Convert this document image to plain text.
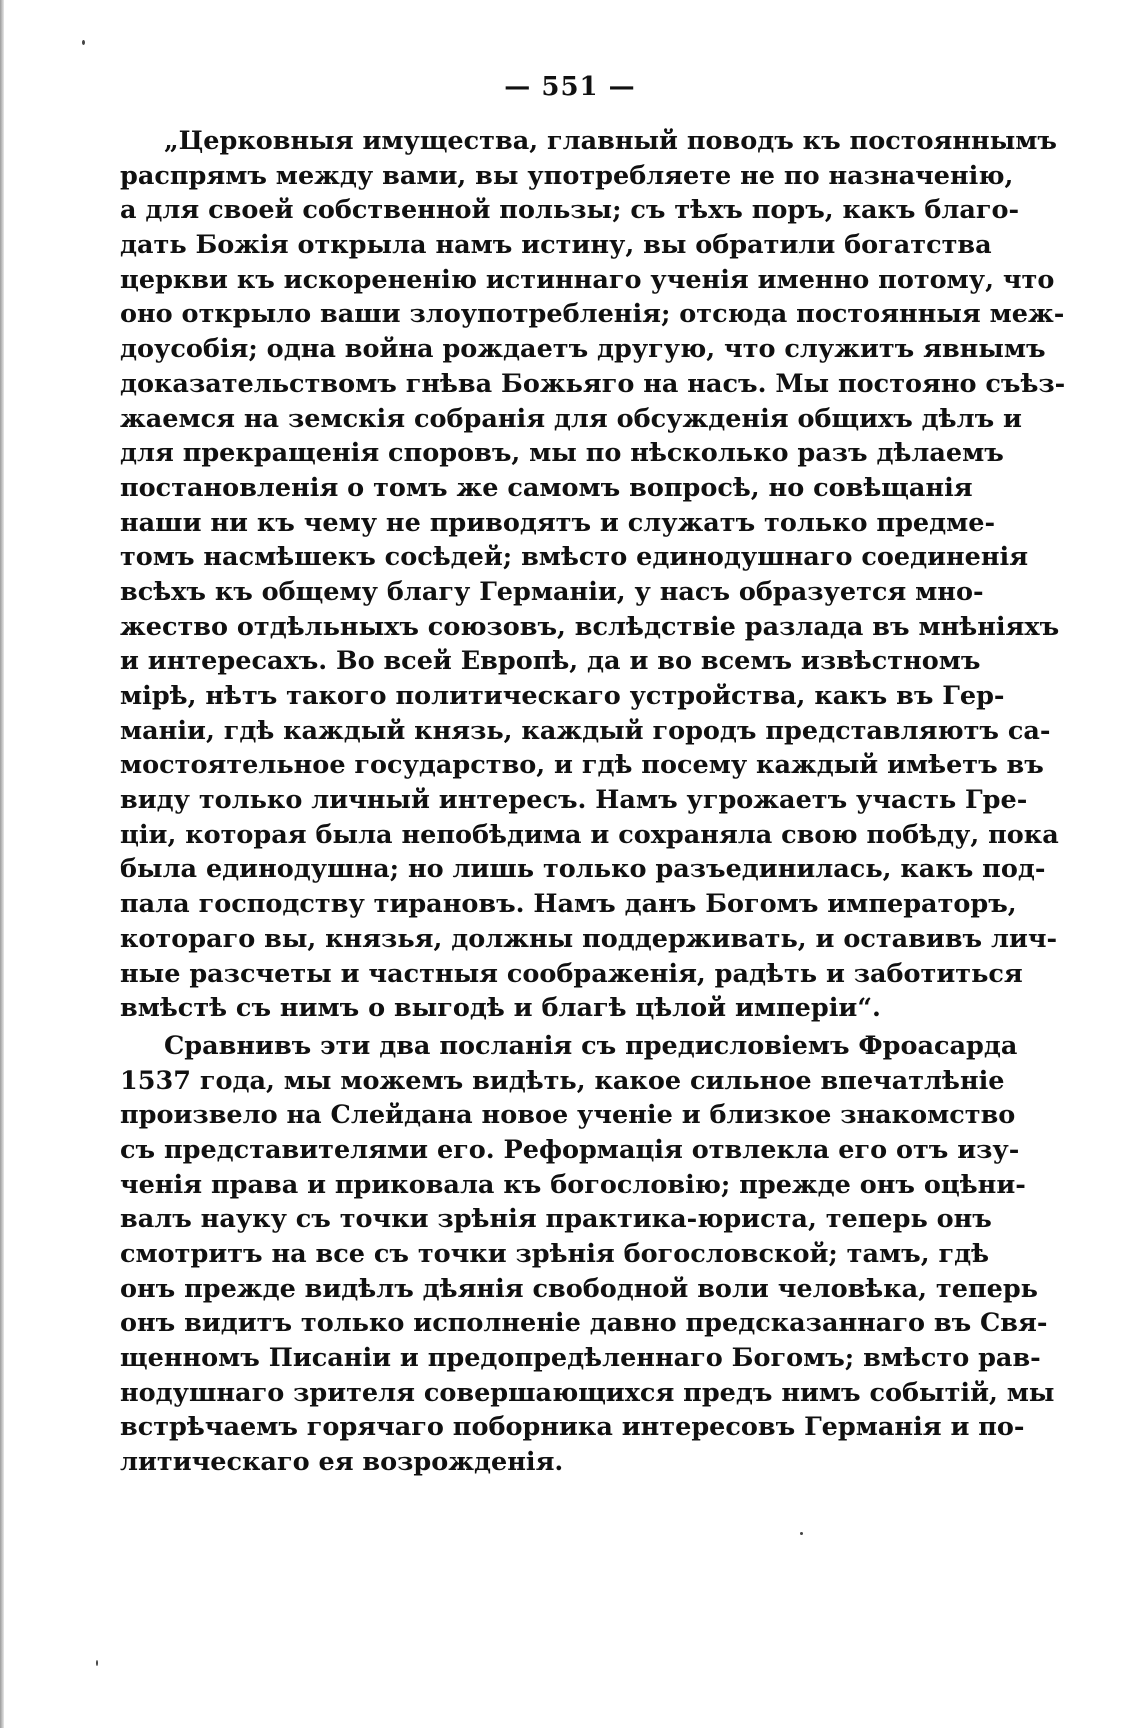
— 551 —
„Церковныя имущества, главный поводъ къ постояннымъ
распрямъ между вами, вы употребляете не по назначенію,
а для своей собственной пользы; съ тѣхъ поръ, какъ благо-
дать Божія открыла намъ истину, вы обратили богатства
церкви къ искорененію истиннаго ученія именно потому, что
оно открыло ваши злоупотребленія; отсюда постоянныя меж-
доусобія; одна война рождаетъ другую, что служитъ явнымъ
доказательствомъ гнѣва Божьяго на насъ. Мы постояно съѣз-
жаемся на земскія собранія для обсужденія общихъ дѣлъ и
для прекращенія споровъ, мы по нѣсколько разъ дѣлаемъ
постановленія о томъ же самомъ вопросѣ, но совѣщанія
наши ни къ чему не приводятъ и служатъ только предме-
томъ насмѣшекъ сосѣдей; вмѣсто единодушнаго соединенія
всѣхъ къ общему благу Германіи, у насъ образуется мно-
жество отдѣльныхъ союзовъ, вслѣдствіе разлада въ мнѣніяхъ
и интересахъ. Во всей Европѣ, да и во всемъ извѣстномъ
мірѣ, нѣтъ такого политическаго устройства, какъ въ Гер-
маніи, гдѣ каждый князь, каждый городъ представляютъ са-
мостоятельное государство, и гдѣ посему каждый имѣетъ въ
виду только личный интересъ. Намъ угрожаетъ участь Гре-
ціи, которая была непобѣдима и сохраняла свою побѣду, пока
была единодушна; но лишь только разъединилась, какъ под-
пала господству тирановъ. Намъ данъ Богомъ императоръ,
котораго вы, князья, должны поддерживать, и оставивъ лич-
ные разсчеты и частныя соображенія, радѣть и заботиться
вмѣстѣ съ нимъ о выгодѣ и благѣ цѣлой имперіи“.
Сравнивъ эти два посланія съ предисловіемъ Фроасарда
1537 года, мы можемъ видѣть, какое сильное впечатлѣніе
произвело на Слейдана новое ученіе и близкое знакомство
съ представителями его. Реформація отвлекла его отъ изу-
ченія права и приковала къ богословію; прежде онъ оцѣни-
валъ науку съ точки зрѣнія практика-юриста, теперь онъ
смотритъ на все съ точки зрѣнія богословской; тамъ, гдѣ
онъ прежде видѣлъ дѣянія свободной воли человѣка, теперь
онъ видитъ только исполненіе давно предсказаннаго въ Свя-
щенномъ Писаніи и предопредѣленнаго Богомъ; вмѣсто рав-
нодушнаго зрителя совершающихся предъ нимъ событій, мы
встрѣчаемъ горячаго поборника интересовъ Германія и по-
литическаго ея возрожденія.
